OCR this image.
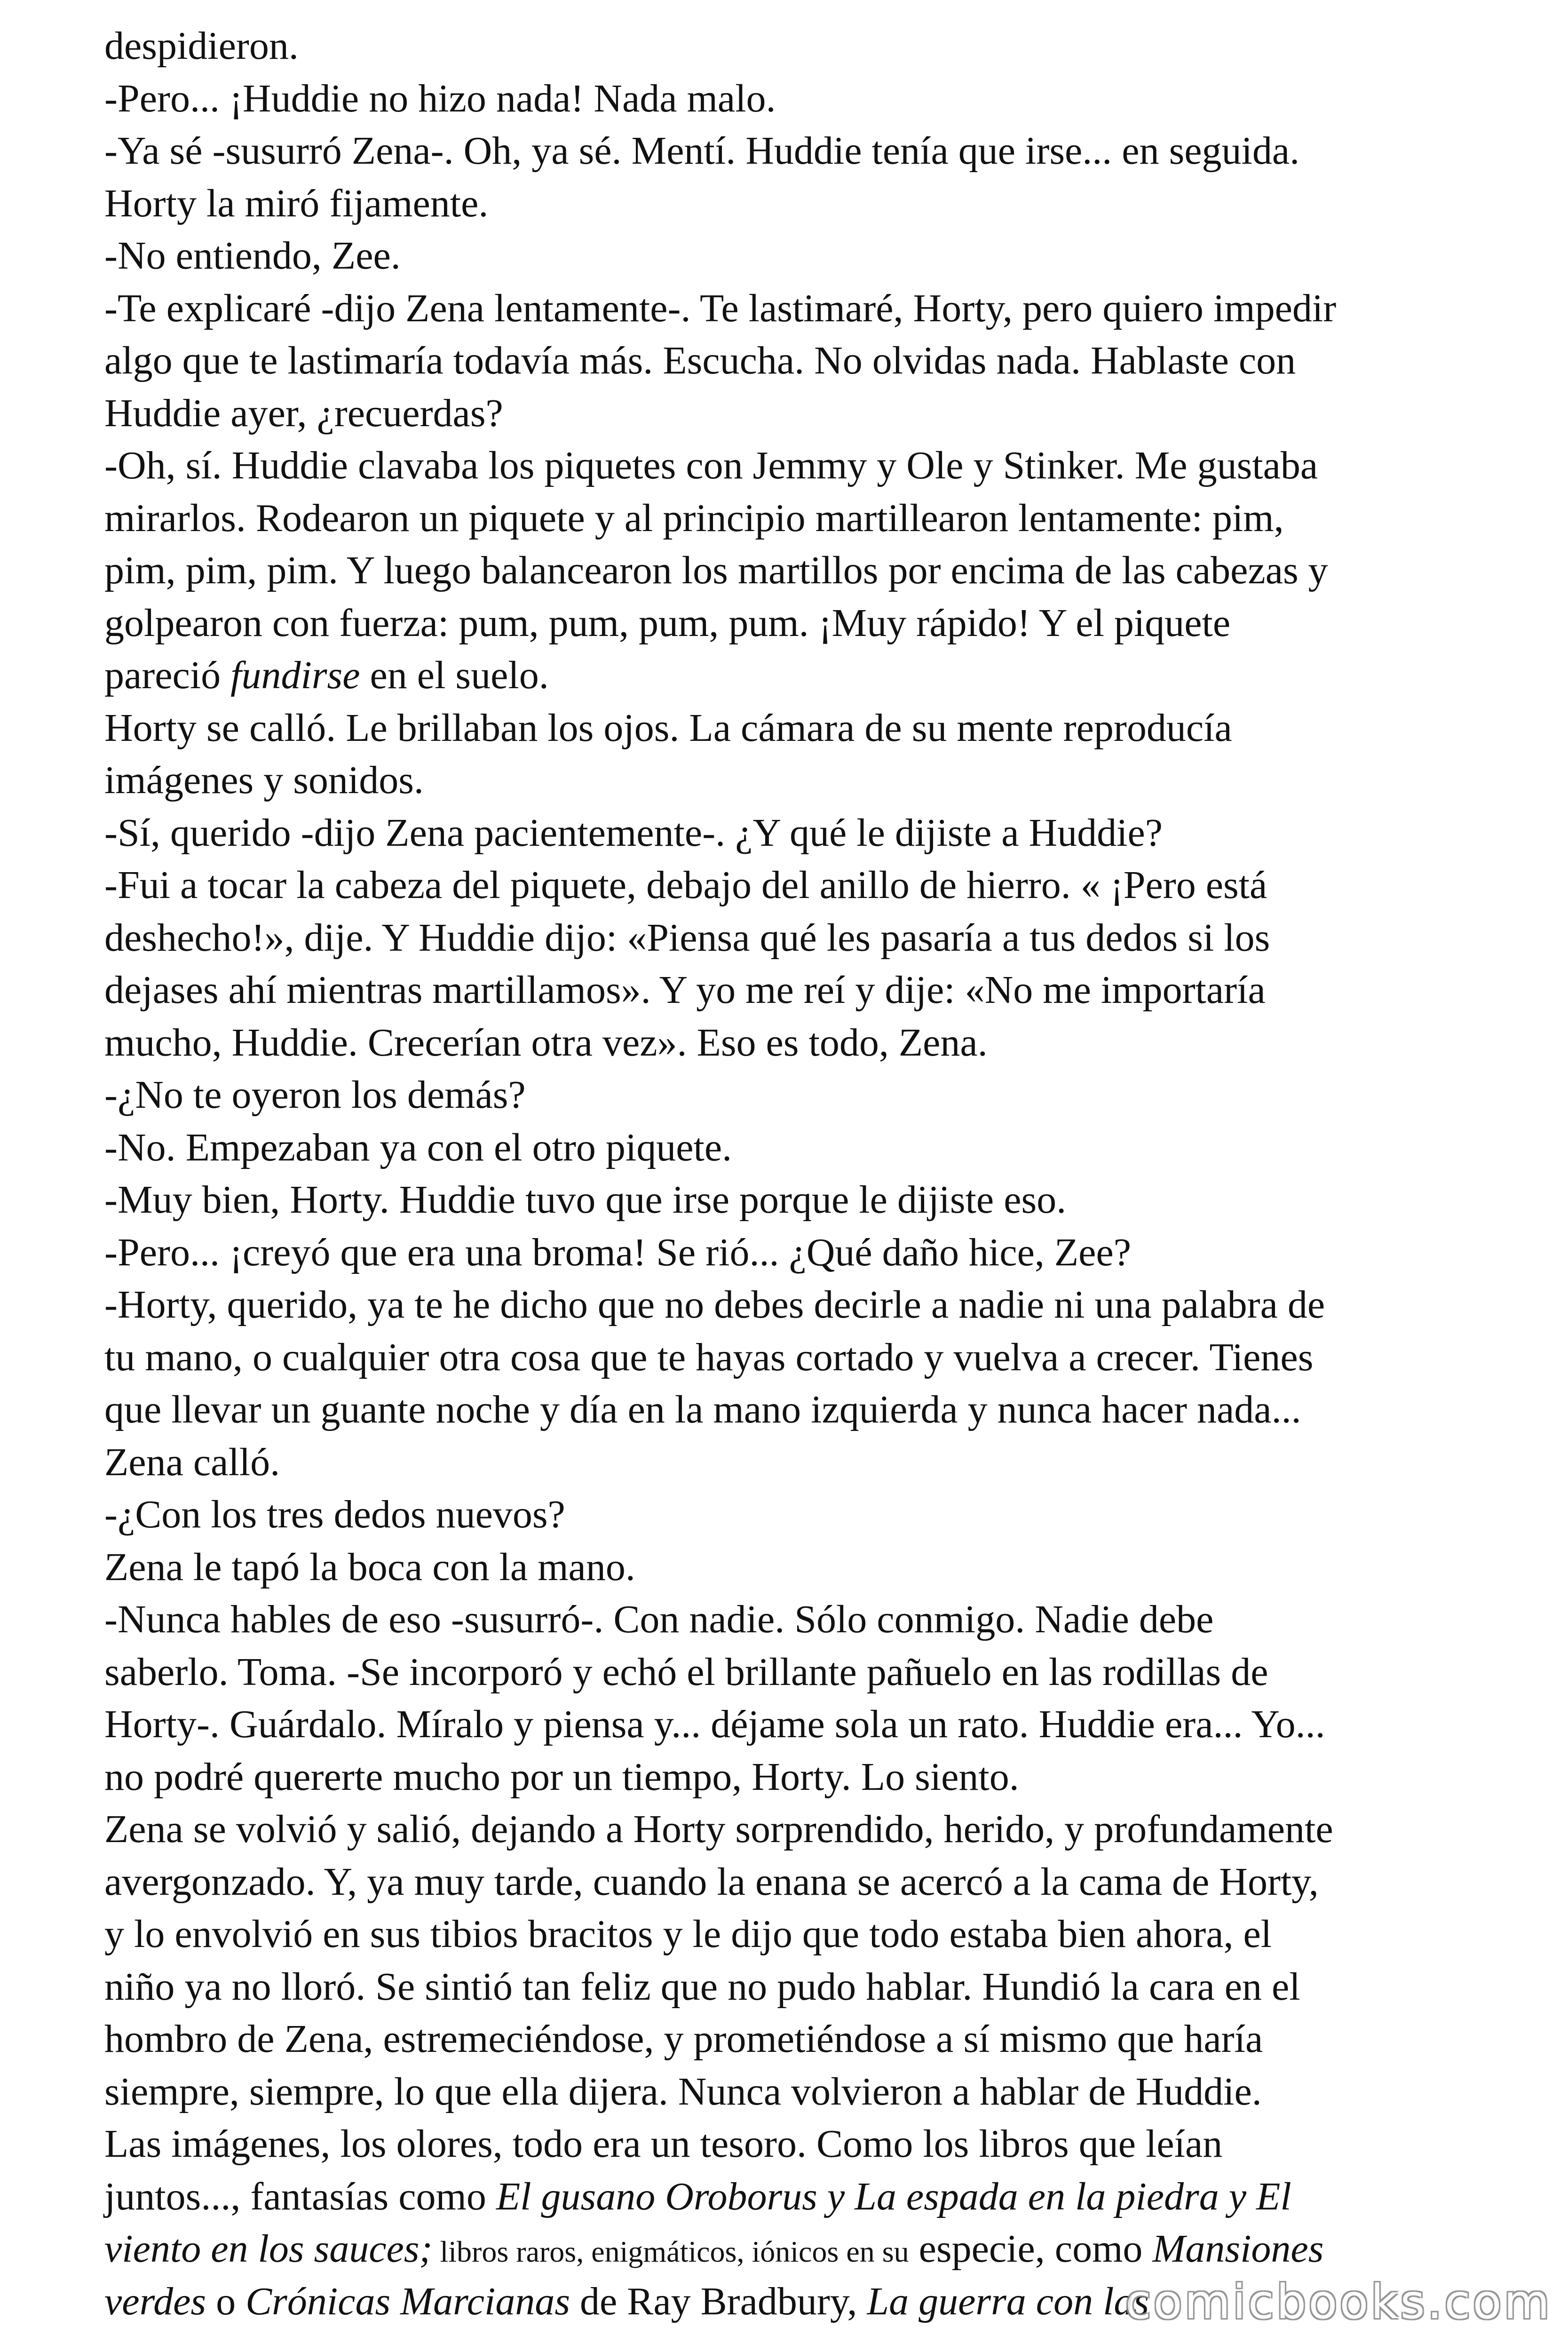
despidieron.
-Pero... ¡Huddie no hizo nada! Nada malo.
-Ya sé -susurró Zena-. Oh, ya sé. Mentí. Huddie tenía que irse... en seguida.
Horty la miró fijamente.
-No entiendo, Zee.
-Te explicaré -dijo Zena lentamente-. Te lastimaré, Horty, pero quiero impedir
algo que te lastimaría todavía más. Escucha. No olvidas nada. Hablaste con
Huddie ayer, ¿recuerdas?
-Oh, sí. Huddie clavaba los piquetes con Jemmy y Ole y Stinker. Me gustaba
mirarlos. Rodearon un piquete y al principio martillearon lentamente: pim,
pim, pim, pim. Y luego balancearon los martillos por encima de las cabezas y
golpearon con fuerza: pum, pum, pum, pum. ¡Muy rápido! Y el piquete
pareció fundirse en el suelo.
Horty se calló. Le brillaban los ojos. La cámara de su mente reproducía
imágenes y sonidos.
-Sí, querido -dijo Zena pacientemente-. ¿Y qué le dijiste a Huddie?
-Fui a tocar la cabeza del piquete, debajo del anillo de hierro. « ¡Pero está
deshecho!», dije. Y Huddie dijo: «Piensa qué les pasaría a tus dedos si los
dejases ahí mientras martillamos». Y yo me reí y dije: «No me importaría
mucho, Huddie. Crecerían otra vez». Eso es todo, Zena.
-¿No te oyeron los demás?
-No. Empezaban ya con el otro piquete.
-Muy bien, Horty. Huddie tuvo que irse porque le dijiste eso.
-Pero... ¡creyó que era una broma! Se rió... ¿Qué daño hice, Zee?
-Horty, querido, ya te he dicho que no debes decirle a nadie ni una palabra de
tu mano, o cualquier otra cosa que te hayas cortado y vuelva a crecer. Tienes
que llevar un guante noche y día en la mano izquierda y nunca hacer nada...
Zena calló.
-¿Con los tres dedos nuevos?
Zena le tapó la boca con la mano.
-Nunca hables de eso -susurró-. Con nadie. Sólo conmigo. Nadie debe
saberlo. Toma. -Se incorporó y echó el brillante pañuelo en las rodillas de
Horty-. Guárdalo. Míralo y piensa y... déjame sola un rato. Huddie era... Yo...
no podré quererte mucho por un tiempo, Horty. Lo siento.
Zena se volvió y salió, dejando a Horty sorprendido, herido, y profundamente
avergonzado. Y, ya muy tarde, cuando la enana se acercó a la cama de Horty,
y lo envolvió en sus tibios bracitos y le dijo que todo estaba bien ahora, el
niño ya no lloró. Se sintió tan feliz que no pudo hablar. Hundió la cara en el
hombro de Zena, estremeciéndose, y prometiéndose a sí mismo que haría
siempre, siempre, lo que ella dijera. Nunca volvieron a hablar de Huddie.
Las imágenes, los olores, todo era un tesoro. Como los libros que leían
juntos..., fantasías como El gusano Oroborus y La espada en la piedra y El
viento en los sauces; libros raros, enigmáticos, iónicos en su especie, como Mansiones
verdes o Crónicas Marcianas de Ray Bradbury, La guerra con las
comicbooks.com
